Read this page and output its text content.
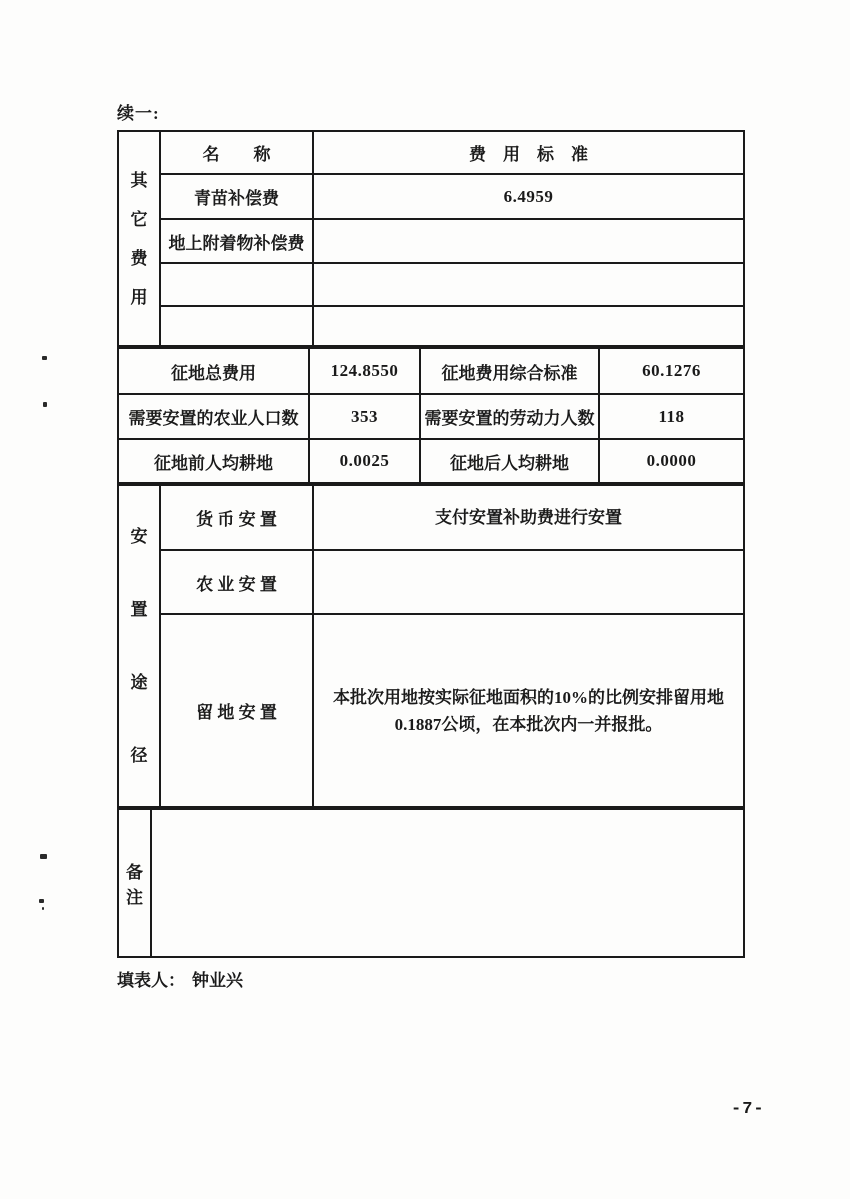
续一:
其
它
费
用	名　　称	费　用　标　准
	青苗补偿费	6.4959
	地上附着物补偿费	

征地总费用	124.8550	征地费用综合标准	60.1276
需要安置的农业人口数	353	需要安置的劳动力人数	118
征地前人均耕地	0.0025	征地后人均耕地	0.0000
安
置
途
径	货 币 安 置	支付安置补助费进行安置
	农 业 安 置	
	留 地 安 置	本批次用地按实际征地面积的10%的比例安排留用地0.1887公顷，在本批次内一并报批。
备注	
填表人： 钟业兴
-7-
